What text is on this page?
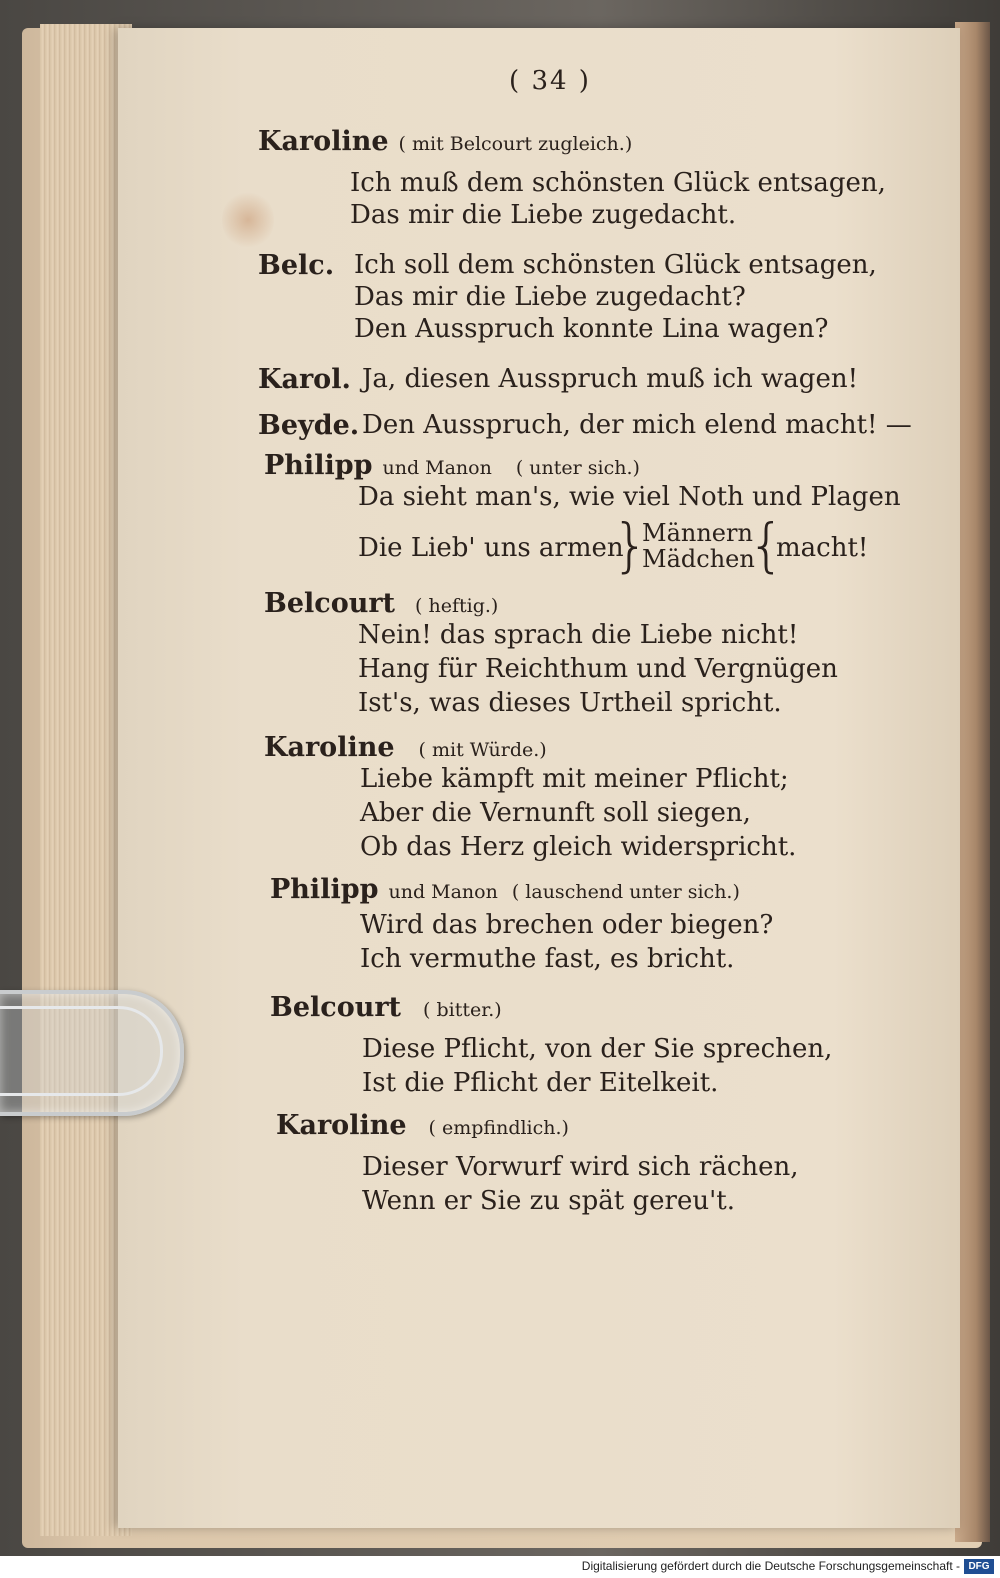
( 34 )
Karoline ( mit Belcourt zugleich.)
Ich muß dem schönsten Glück entsagen,
Das mir die Liebe zugedacht.
Belc. Ich soll dem schönsten Glück entsagen,
Das mir die Liebe zugedacht?
Den Ausspruch konnte Lina wagen?
Karol. Ja, diesen Ausspruch muß ich wagen!
Beyde. Den Ausspruch, der mich elend macht! —
Philipp und Manon ( unter sich.)
Da sieht man's, wie viel Noth und Plagen
Die Lieb' uns armen
}
Männern
Mädchen
{
macht!
Belcourt ( heftig.)
Nein! das sprach die Liebe nicht!
Hang für Reichthum und Vergnügen
Ist's, was dieses Urtheil spricht.
Karoline ( mit Würde.)
Liebe kämpft mit meiner Pflicht;
Aber die Vernunft soll siegen,
Ob das Herz gleich widerspricht.
Philipp und Manon ( lauschend unter sich.)
Wird das brechen oder biegen?
Ich vermuthe fast, es bricht.
Belcourt ( bitter.)
Diese Pflicht, von der Sie sprechen,
Ist die Pflicht der Eitelkeit.
Karoline ( empfindlich.)
Dieser Vorwurf wird sich rächen,
Wenn er Sie zu spät gereu't.
Digitalisierung gefördert durch die Deutsche Forschungsgemeinschaft - DFG
